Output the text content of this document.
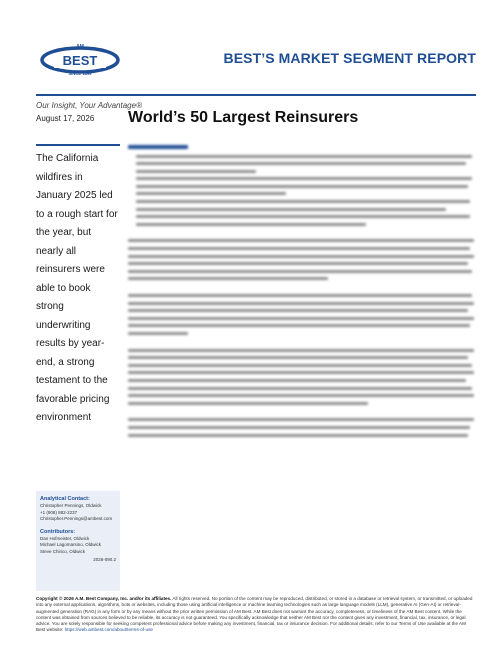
AM
BEST
SINCE 1899
BEST’S MARKET SEGMENT REPORT
Our Insight, Your Advantage®
August 17, 2026 World’s 50 Largest Reinsurers
The California wildfires in January 2025 led to a rough start for the year, but nearly all reinsurers were able to book strong underwriting results by year-end, a strong testament to the favorable pricing environment
Analytical Contact:
Christopher Pennings, Oldwick
+1 (908) 882-2237
Christopher.Pennings@ambest.com
Contributors:
Dan Hofmeister, Oldwick
Michael Lagomarsino, Oldwick
Steve Chirico, Oldwick
2026-090.2
Copyright © 2026 A.M. Best Company, Inc. and/or its affiliates. All rights reserved. No portion of the content may be reproduced, distributed, or stored in a database or retrieval system, or transmitted, or uploaded into any external applications, algorithms, bots or websites, including those using artificial intelligence or machine learning technologies such as large language models (LLM), generative AI (Gen-AI) or retrieval-augmented generation (RAG) in any form or by any means without the prior written permission of AM Best. AM Best does not warrant the accuracy, completeness, or timeliness of the AM Best content. While the content was obtained from sources believed to be reliable, its accuracy is not guaranteed. You specifically acknowledge that neither AM Best nor the content gives any investment, financial, tax, insurance, or legal advice. You are solely responsible for seeking competent professional advice before making any investment, financial, tax or insurance decision. For additional details, refer to our Terms of Use available at the AM Best website: https://web.ambest.com/about/terms-of-use
